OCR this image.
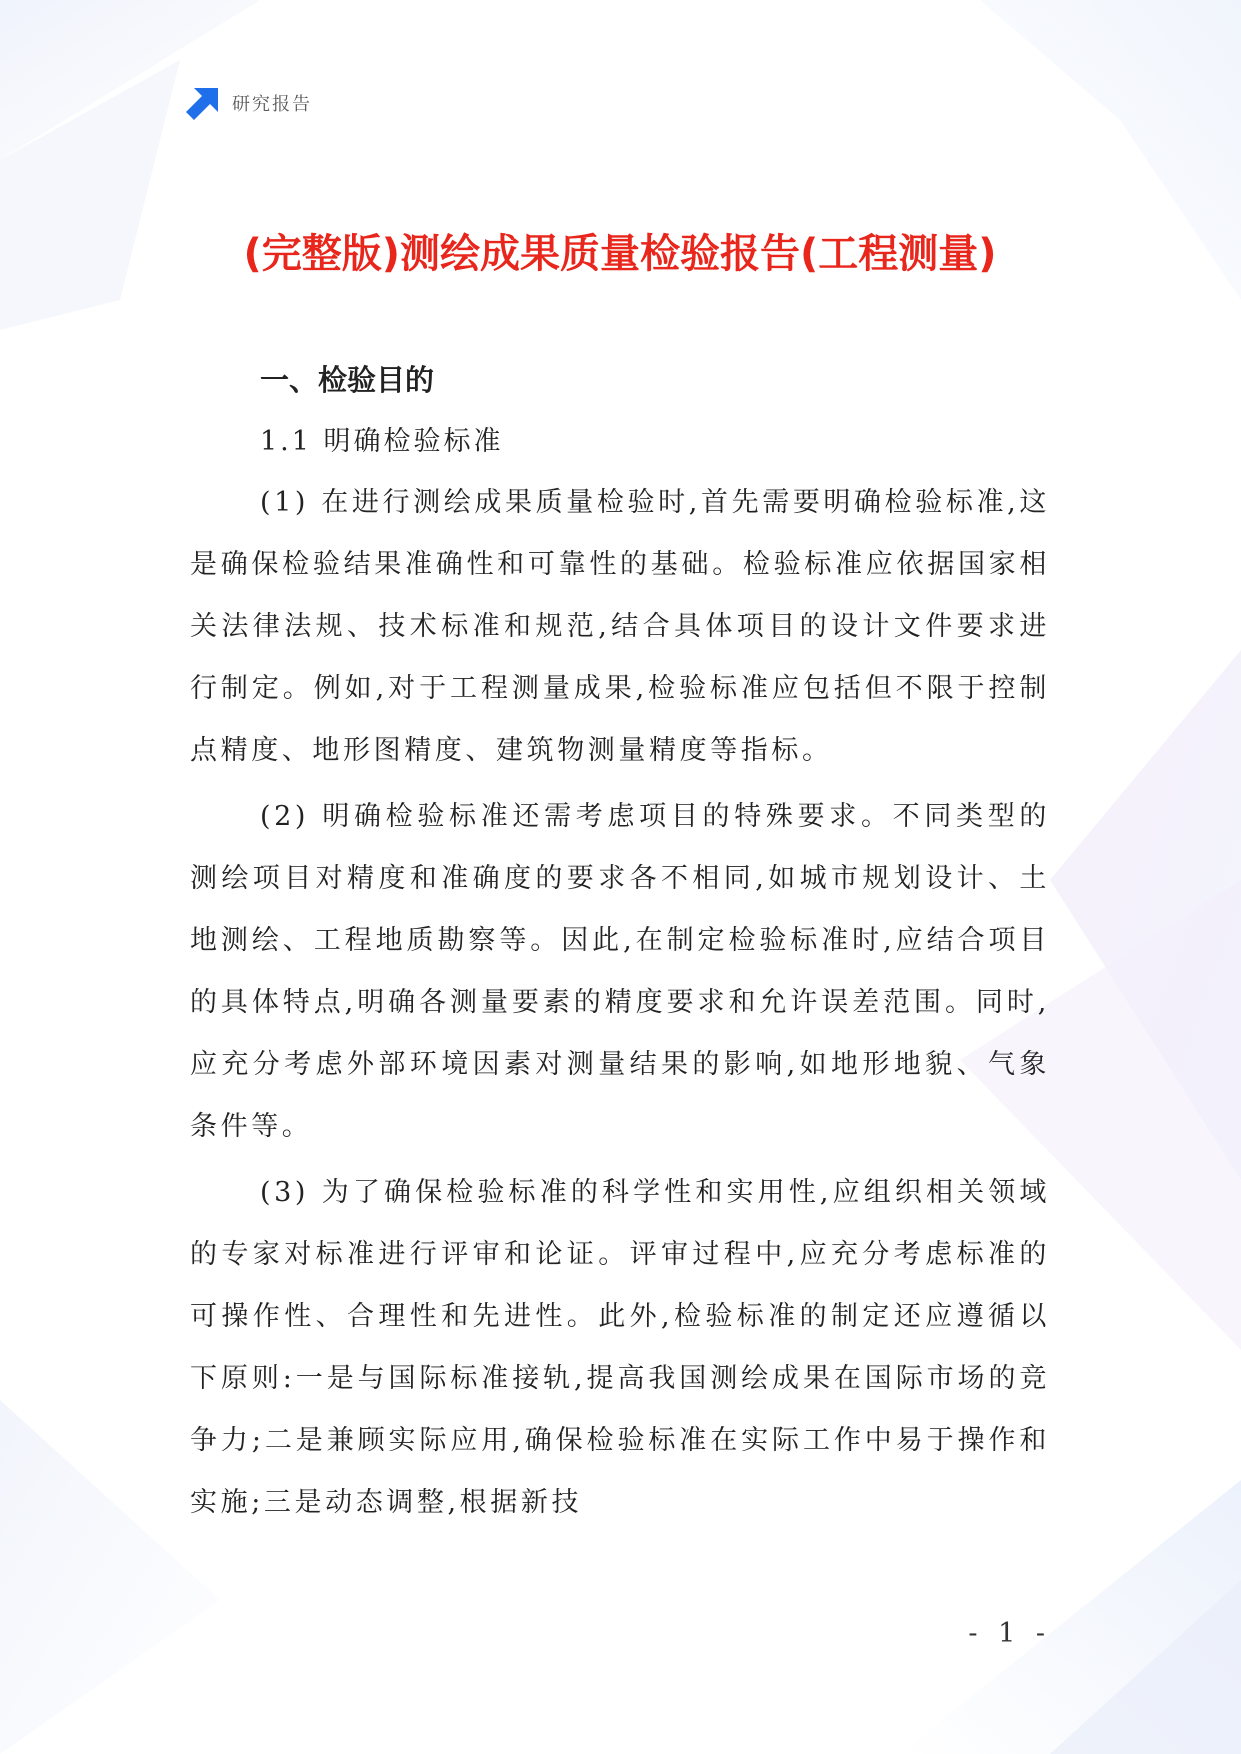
研究报告
(完整版)测绘成果质量检验报告(工程测量)
一、检验目的
1.1 明确检验标准

(1) 在进行测绘成果质量检验时,首先需要明确检验标准,这是确保检验结果准确性和可靠性的基础。检验标准应依据国家相关法律法规、技术标准和规范,结合具体项目的设计文件要求进行制定。例如,对于工程测量成果,检验标准应包括但不限于控制点精度、地形图精度、建筑物测量精度等指标。

(2) 明确检验标准还需考虑项目的特殊要求。不同类型的测绘项目对精度和准确度的要求各不相同,如城市规划设计、土地测绘、工程地质勘察等。因此,在制定检验标准时,应结合项目的具体特点,明确各测量要素的精度要求和允许误差范围。同时,应充分考虑外部环境因素对测量结果的影响,如地形地貌、气象条件等。

(3) 为了确保检验标准的科学性和实用性,应组织相关领域的专家对标准进行评审和论证。评审过程中,应充分考虑标准的可操作性、合理性和先进性。此外,检验标准的制定还应遵循以下原则:一是与国际标准接轨,提高我国测绘成果在国际市场的竞争力;二是兼顾实际应用,确保检验标准在实际工作中易于操作和实施;三是动态调整,根据新技

- 1 -
